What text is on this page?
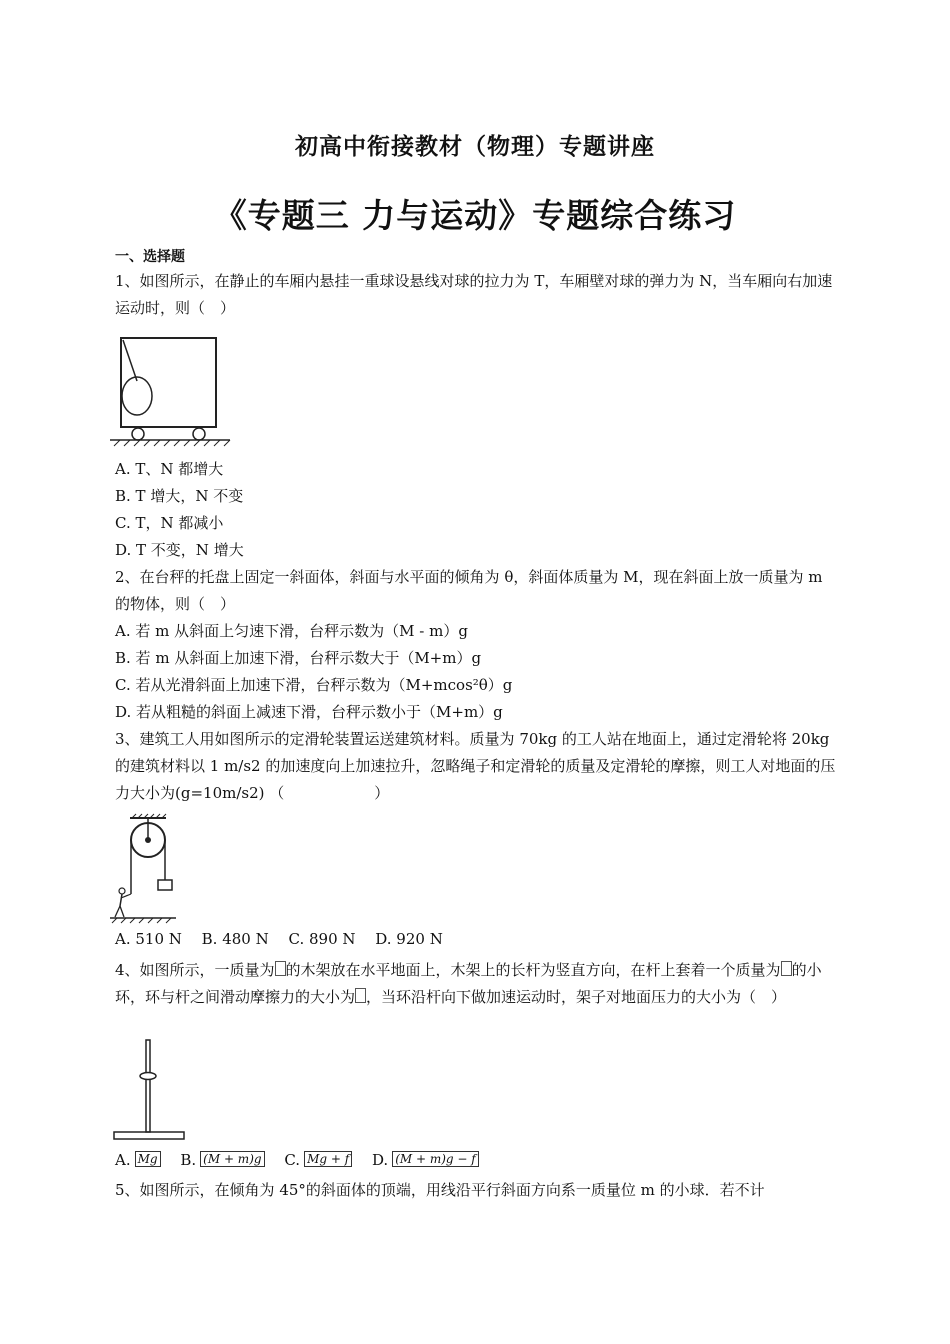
初高中衔接教材（物理）专题讲座
《专题三 力与运动》专题综合练习
一、选择题
1、如图所示，在静止的车厢内悬挂一重球设悬线对球的拉力为 T，车厢壁对球的弹力为 N，当车厢向右加速运动时，则（　）
A. T、N 都增大
B. T 增大，N 不变
C. T，N 都减小
D. T 不变，N 增大
2、在台秤的托盘上固定一斜面体，斜面与水平面的倾角为 θ，斜面体质量为 M，现在斜面上放一质量为 m 的物体，则（　）
A. 若 m 从斜面上匀速下滑，台秤示数为（M - m）g
B. 若 m 从斜面上加速下滑，台秤示数大于（M+m）g
C. 若从光滑斜面上加速下滑，台秤示数为（M+mcos²θ）g
D. 若从粗糙的斜面上减速下滑，台秤示数小于（M+m）g
3、建筑工人用如图所示的定滑轮装置运送建筑材料。质量为 70kg 的工人站在地面上，通过定滑轮将 20kg 的建筑材料以 1 m/s2 的加速度向上加速拉升，忽略绳子和定滑轮的质量及定滑轮的摩擦，则工人对地面的压力大小为(g=10m/s2) （　　　　　　）
A. 510 N　 B. 480 N　 C. 890 N　 D. 920 N
4、如图所示，一质量为 的木架放在水平地面上，木架上的长杆为竖直方向，在杆上套着一个质量为 的小环，环与杆之间滑动摩擦力的大小为 ，当环沿杆向下做加速运动时，架子对地面压力的大小为（　）
A. Mg　 B. (M + m)g　 C. Mg + f　 D. (M + m)g − f
5、如图所示，在倾角为 45°的斜面体的顶端，用线沿平行斜面方向系一质量位 m 的小球．若不计
